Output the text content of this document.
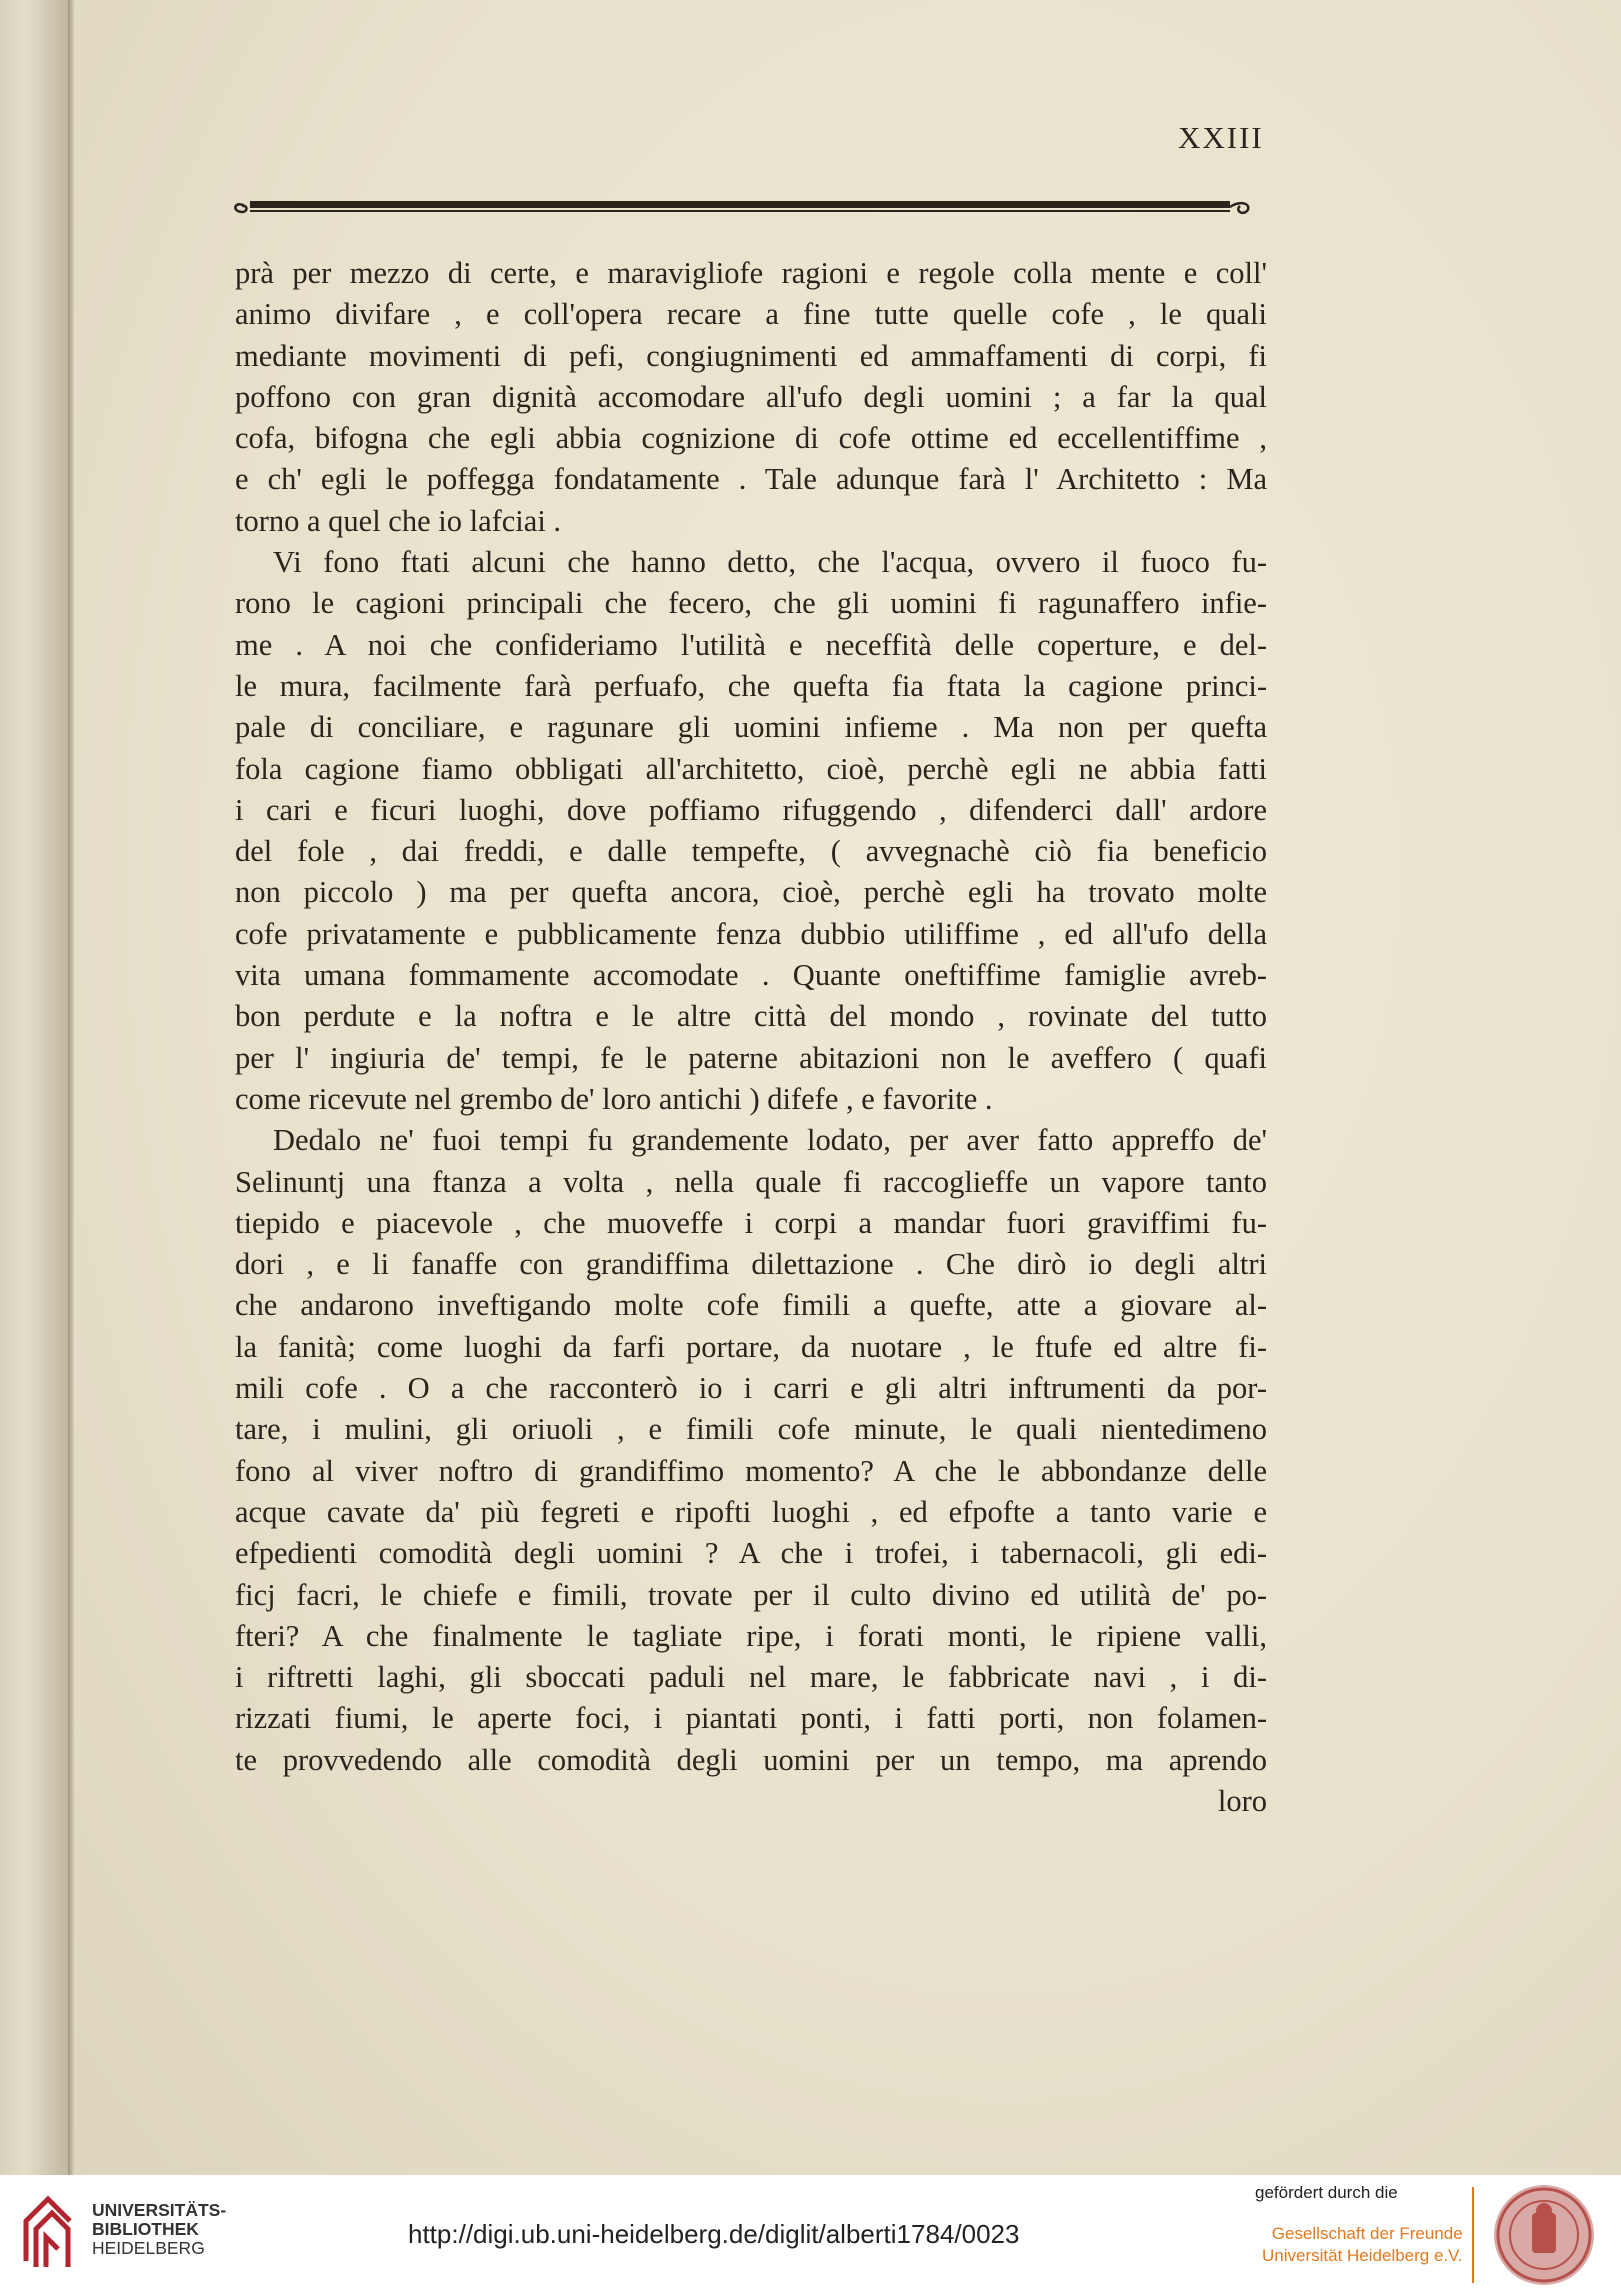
XXIII
prà per mezzo di certe, e maravigliofe ragioni e regole colla mente e coll'
animo divifare , e coll'opera recare a fine tutte quelle cofe , le quali
mediante movimenti di pefi, congiugnimenti ed ammaffamenti di corpi, fi
poffono con gran dignità accomodare all'ufo degli uomini ; a far la qual
cofa, bifogna che egli abbia cognizione di cofe ottime ed eccellentiffime ,
e ch' egli le poffegga fondatamente . Tale adunque farà l' Architetto : Ma
torno a quel che io lafciai .
Vi fono ftati alcuni che hanno detto, che l'acqua, ovvero il fuoco fu-
rono le cagioni principali che fecero, che gli uomini fi ragunaffero infie-
me . A noi che confideriamo l'utilità e neceffità delle coperture, e del-
le mura, facilmente farà perfuafo, che quefta fia ftata la cagione princi-
pale di conciliare, e ragunare gli uomini infieme . Ma non per quefta
fola cagione fiamo obbligati all'architetto, cioè, perchè egli ne abbia fatti
i cari e ficuri luoghi, dove poffiamo rifuggendo , difenderci dall' ardore
del fole , dai freddi, e dalle tempefte, ( avvegnachè ciò fia beneficio
non piccolo ) ma per quefta ancora, cioè, perchè egli ha trovato molte
cofe privatamente e pubblicamente fenza dubbio utiliffime , ed all'ufo della
vita umana fommamente accomodate . Quante oneftiffime famiglie avreb-
bon perdute e la noftra e le altre città del mondo , rovinate del tutto
per l' ingiuria de' tempi, fe le paterne abitazioni non le aveffero ( quafi
come ricevute nel grembo de' loro antichi ) difefe , e favorite .
Dedalo ne' fuoi tempi fu grandemente lodato, per aver fatto appreffo de'
Selinuntj una ftanza a volta , nella quale fi raccoglieffe un vapore tanto
tiepido e piacevole , che muoveffe i corpi a mandar fuori graviffimi fu-
dori , e li fanaffe con grandiffima dilettazione . Che dirò io degli altri
che andarono inveftigando molte cofe fimili a quefte, atte a giovare al-
la fanità; come luoghi da farfi portare, da nuotare , le ftufe ed altre fi-
mili cofe . O a che racconterò io i carri e gli altri inftrumenti da por-
tare, i mulini, gli oriuoli , e fimili cofe minute, le quali nientedimeno
fono al viver noftro di grandiffimo momento? A che le abbondanze delle
acque cavate da' più fegreti e ripofti luoghi , ed efpofte a tanto varie e
efpedienti comodità degli uomini ? A che i trofei, i tabernacoli, gli edi-
ficj facri, le chiefe e fimili, trovate per il culto divino ed utilità de' po-
fteri? A che finalmente le tagliate ripe, i forati monti, le ripiene valli,
i riftretti laghi, gli sboccati paduli nel mare, le fabbricate navi , i di-
rizzati fiumi, le aperte foci, i piantati ponti, i fatti porti, non folamen-
te provvedendo alle comodità degli uomini per un tempo, ma aprendo
loro
UNIVERSITÄTS-
BIBLIOTHEK
HEIDELBERG	http://digi.ub.uni-heidelberg.de/diglit/alberti1784/0023
gefördert durch die
Gesellschaft der Freunde
Universität Heidelberg e.V.
